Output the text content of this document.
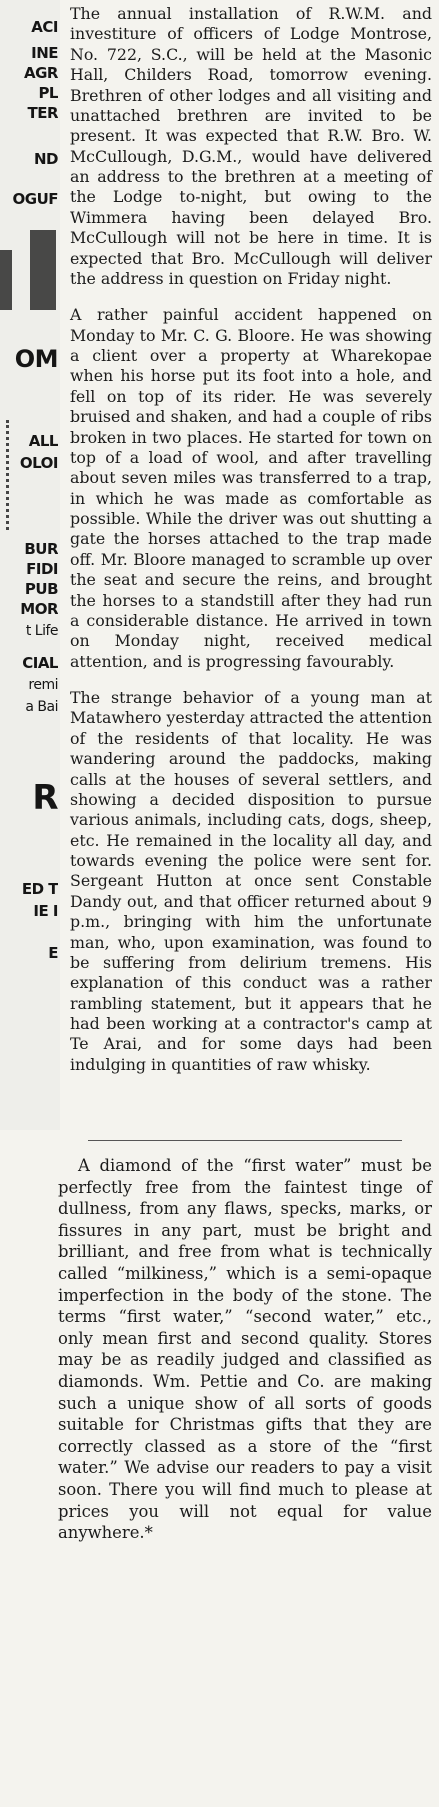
ACI
INE
AGR
PL
TER
ND
OGUF
OM
ALL
OLOI
BUR
FIDI
PUB
MOR
t Life
CIAL
remi
a Bai
R
ED T
IE I
E

The annual installation of R.W.M. and investiture of officers of Lodge Montrose, No. 722, S.C., will be held at the Masonic Hall, Childers Road, tomorrow evening. Brethren of other lodges and all visiting and unattached brethren are invited to be present. It was expected that R.W. Bro. W. McCullough, D.G.M., would have delivered an address to the brethren at a meeting of the Lodge to-night, but owing to the Wimmera having been delayed Bro. McCullough will not be here in time. It is expected that Bro. McCullough will deliver the address in question on Friday night.

A rather painful accident happened on Monday to Mr. C. G. Bloore. He was showing a client over a property at Wharekopae when his horse put its foot into a hole, and fell on top of its rider. He was severely bruised and shaken, and had a couple of ribs broken in two places. He started for town on top of a load of wool, and after travelling about seven miles was transferred to a trap, in which he was made as comfortable as possible. While the driver was out shutting a gate the horses attached to the trap made off. Mr. Bloore managed to scramble up over the seat and secure the reins, and brought the horses to a standstill after they had run a considerable distance. He arrived in town on Monday night, received medical attention, and is progressing favourably.

The strange behavior of a young man at Matawhero yesterday attracted the attention of the residents of that locality. He was wandering around the paddocks, making calls at the houses of several settlers, and showing a decided disposition to pursue various animals, including cats, dogs, sheep, etc. He remained in the locality all day, and towards evening the police were sent for. Sergeant Hutton at once sent Constable Dandy out, and that officer returned about 9 p.m., bringing with him the unfortunate man, who, upon examination, was found to be suffering from delirium tremens. His explanation of this conduct was a rather rambling statement, but it appears that he had been working at a contractor's camp at Te Arai, and for some days had been indulging in quantities of raw whisky.

A diamond of the “first water” must be perfectly free from the faintest tinge of dullness, from any flaws, specks, marks, or fissures in any part, must be bright and brilliant, and free from what is technically called “milkiness,” which is a semi-opaque imperfection in the body of the stone. The terms “first water,” “second water,” etc., only mean first and second quality. Stores may be as readily judged and classified as diamonds. Wm. Pettie and Co. are making such a unique show of all sorts of goods suitable for Christmas gifts that they are correctly classed as a store of the “first water.” We advise our readers to pay a visit soon. There you will find much to please at prices you will not equal for value anywhere.*
